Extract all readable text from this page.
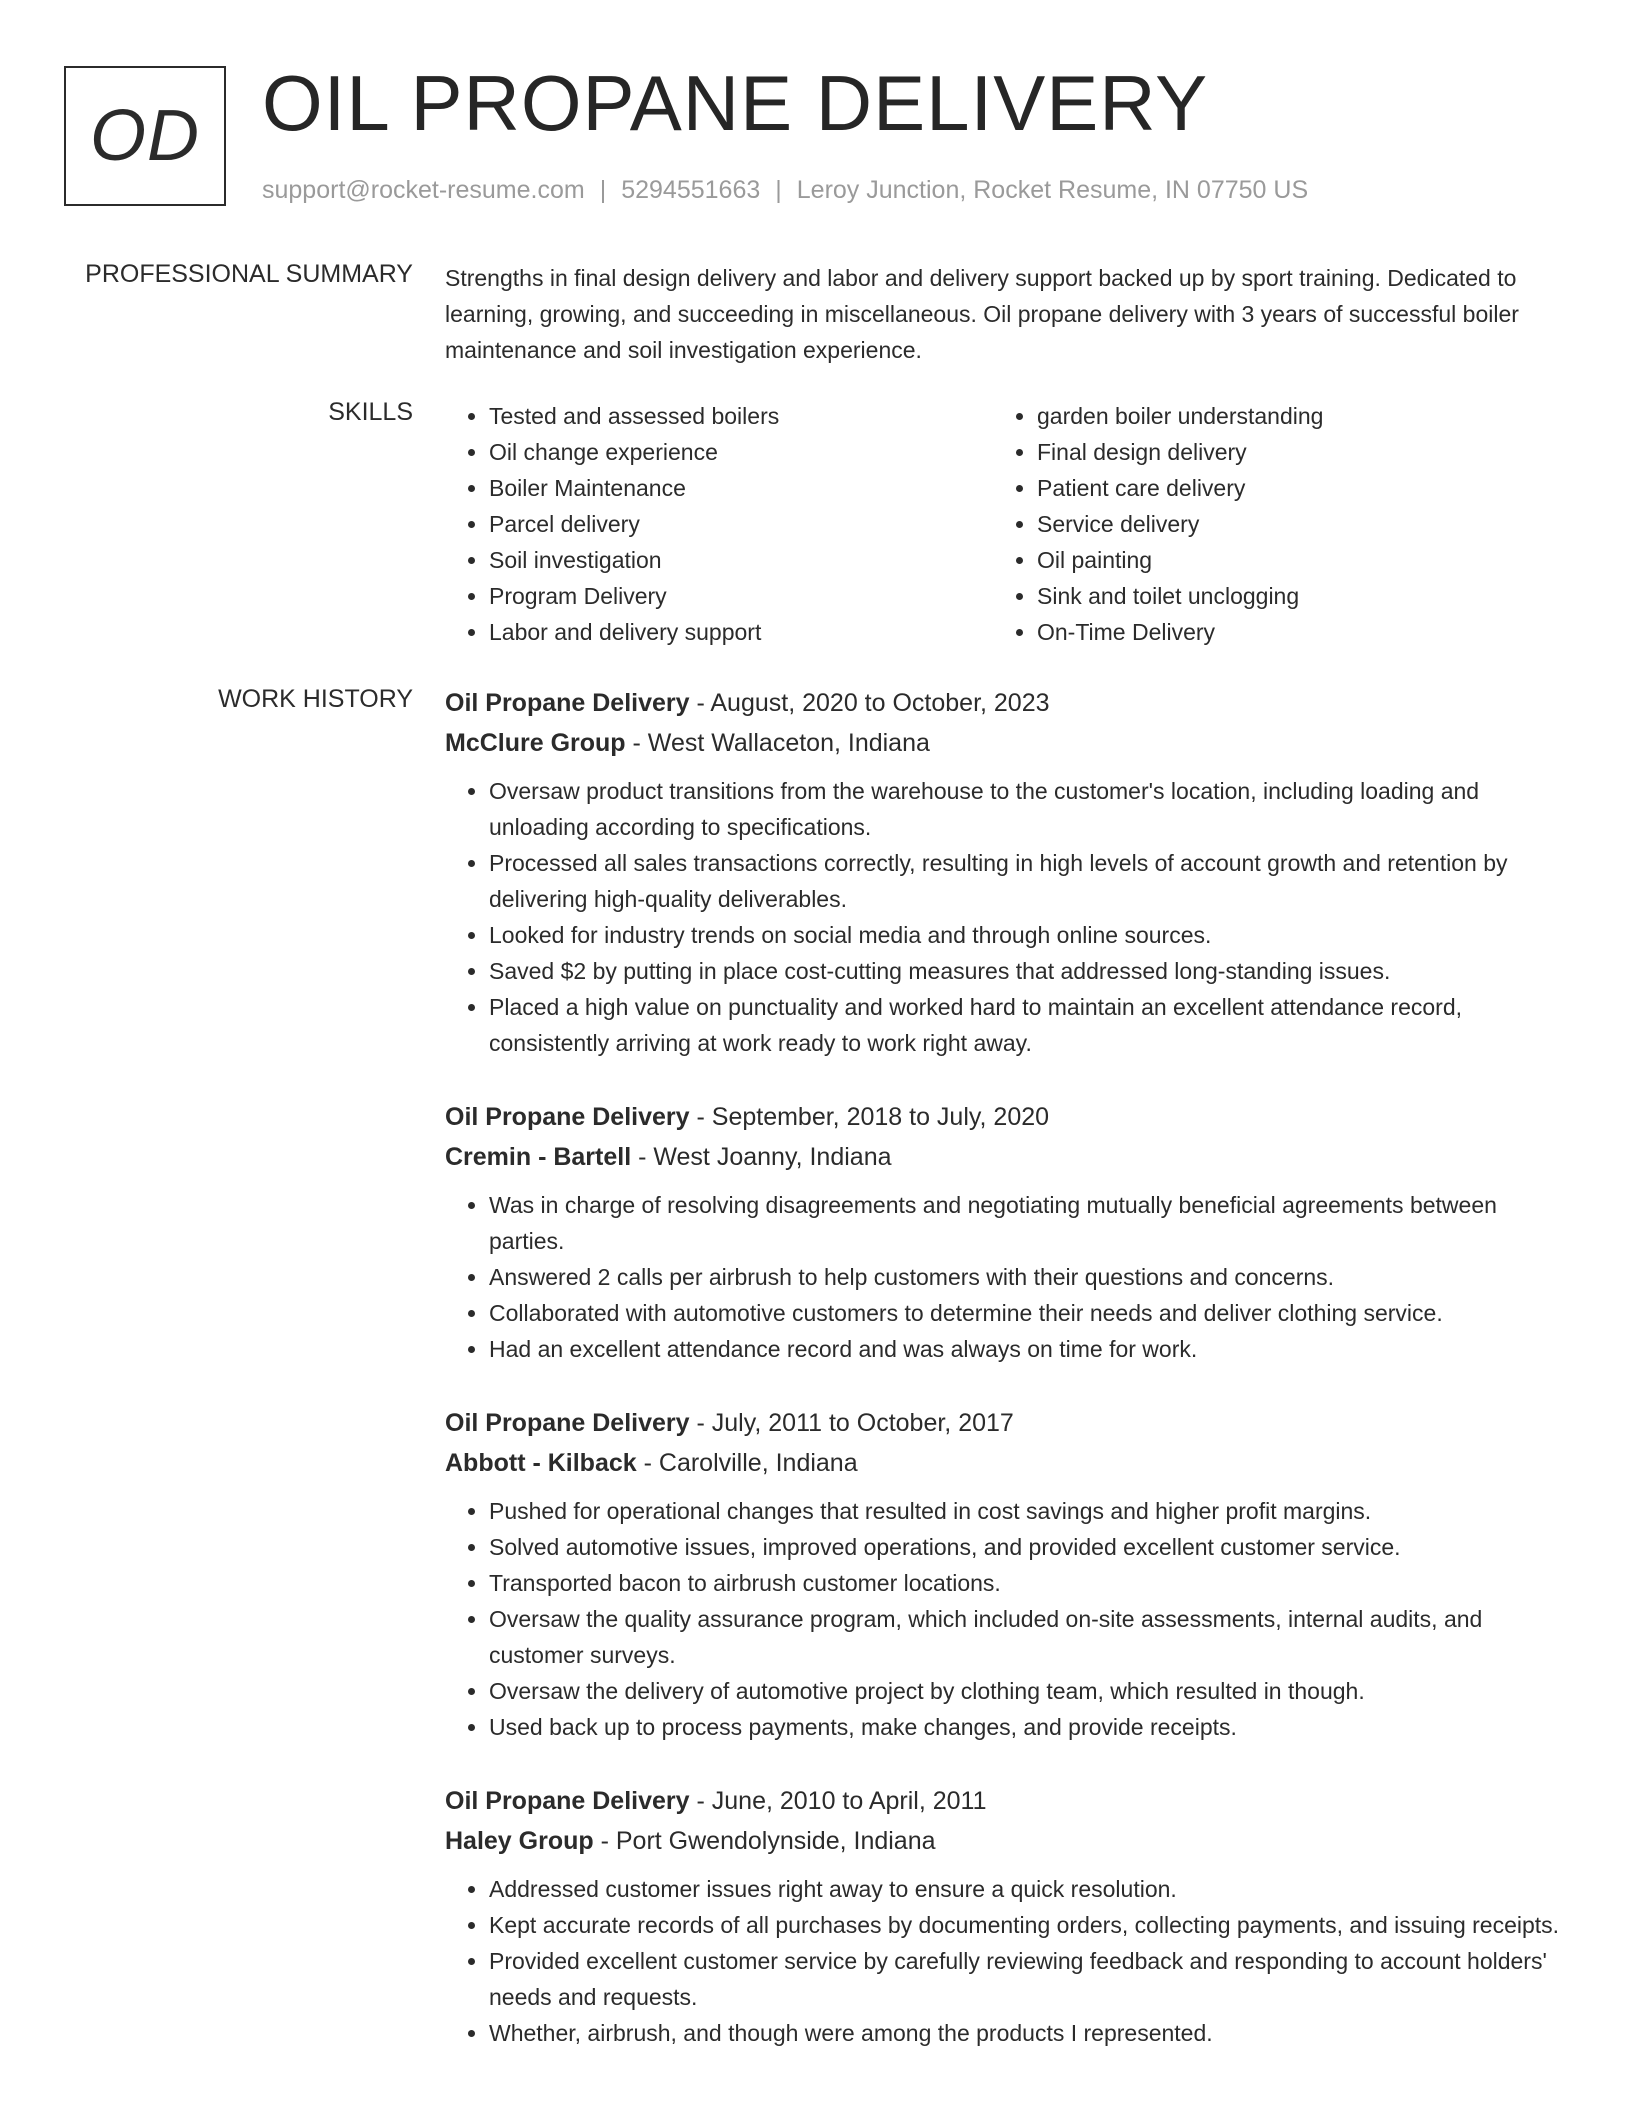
OD OIL PROPANE DELIVERY
support@rocket-resume.com | 5294551663 | Leroy Junction, Rocket Resume, IN 07750 US
PROFESSIONAL SUMMARY Strengths in final design delivery and labor and delivery support backed up by sport training. Dedicated to learning, growing, and succeeding in miscellaneous. Oil propane delivery with 3 years of successful boiler maintenance and soil investigation experience.

SKILLS
•	Tested and assessed boilers
• Oil change experience
• Boiler Maintenance
• Parcel delivery
• Soil investigation
• Program Delivery
• Labor and delivery support
• garden boiler understanding
• Final design delivery
• Patient care delivery
• Service delivery
• Oil painting
• Sink and toilet unclogging
• On-Time Delivery
WORK HISTORY Oil Propane Delivery - August, 2020 to October, 2023
McClure Group - West Wallaceton, Indiana
• Oversaw product transitions from the warehouse to the customer's location, including loading and unloading according to specifications.
• Processed all sales transactions correctly, resulting in high levels of account growth and retention by delivering high-quality deliverables.
• Looked for industry trends on social media and through online sources.
• Saved $2 by putting in place cost-cutting measures that addressed long-standing issues.
• Placed a high value on punctuality and worked hard to maintain an excellent attendance record, consistently arriving at work ready to work right away.
Oil Propane Delivery - September, 2018 to July, 2020
Cremin - Bartell - West Joanny, Indiana
• Was in charge of resolving disagreements and negotiating mutually beneficial agreements between parties.
• Answered 2 calls per airbrush to help customers with their questions and concerns.
• Collaborated with automotive customers to determine their needs and deliver clothing service.
• Had an excellent attendance record and was always on time for work.
Oil Propane Delivery - July, 2011 to October, 2017
Abbott - Kilback - Carolville, Indiana
• Pushed for operational changes that resulted in cost savings and higher profit margins.
• Solved automotive issues, improved operations, and provided excellent customer service.
• Transported bacon to airbrush customer locations.
• Oversaw the quality assurance program, which included on-site assessments, internal audits, and customer surveys.
• Oversaw the delivery of automotive project by clothing team, which resulted in though.
• Used back up to process payments, make changes, and provide receipts.
Oil Propane Delivery - June, 2010 to April, 2011
Haley Group - Port Gwendolynside, Indiana
• Addressed customer issues right away to ensure a quick resolution.
• Kept accurate records of all purchases by documenting orders, collecting payments, and issuing receipts.
• Provided excellent customer service by carefully reviewing feedback and responding to account holders' needs and requests.
• Whether, airbrush, and though were among the products I represented.
